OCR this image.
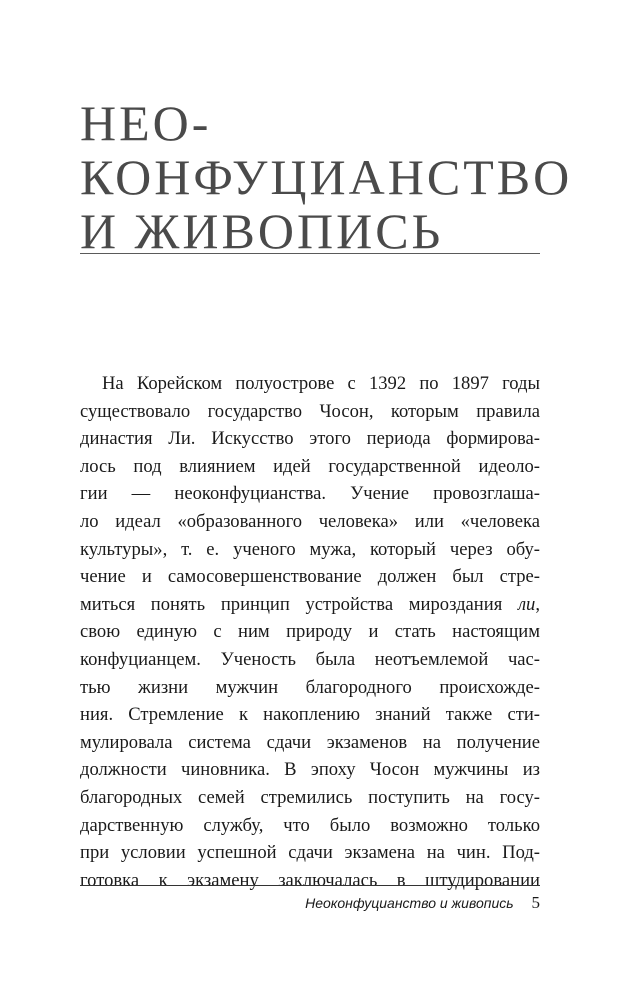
НЕО-
КОНФУЦИАНСТВО
И ЖИВОПИСЬ
На Корейском полуострове с 1392 по 1897 годы
существовало государство Чосон, которым правила
династия Ли. Искусство этого периода формирова-
лось под влиянием идей государственной идеоло-
гии — неоконфуцианства. Учение провозглаша-
ло идеал «образованного человека» или «человека
культуры», т. е. ученого мужа, который через обу-
чение и самосовершенствование должен был стре-
миться понять принцип устройства мироздания ли,
свою единую с ним природу и стать настоящим
конфуцианцем. Ученость была неотъемлемой час-
тью жизни мужчин благородного происхожде-
ния. Стремление к накоплению знаний также сти-
мулировала система сдачи экзаменов на получение
должности чиновника. В эпоху Чосон мужчины из
благородных семей стремились поступить на госу-
дарственную службу, что было возможно только
при условии успешной сдачи экзамена на чин. Под-
готовка к экзамену заключалась в штудировании
Неоконфуцианство и живопись 5
